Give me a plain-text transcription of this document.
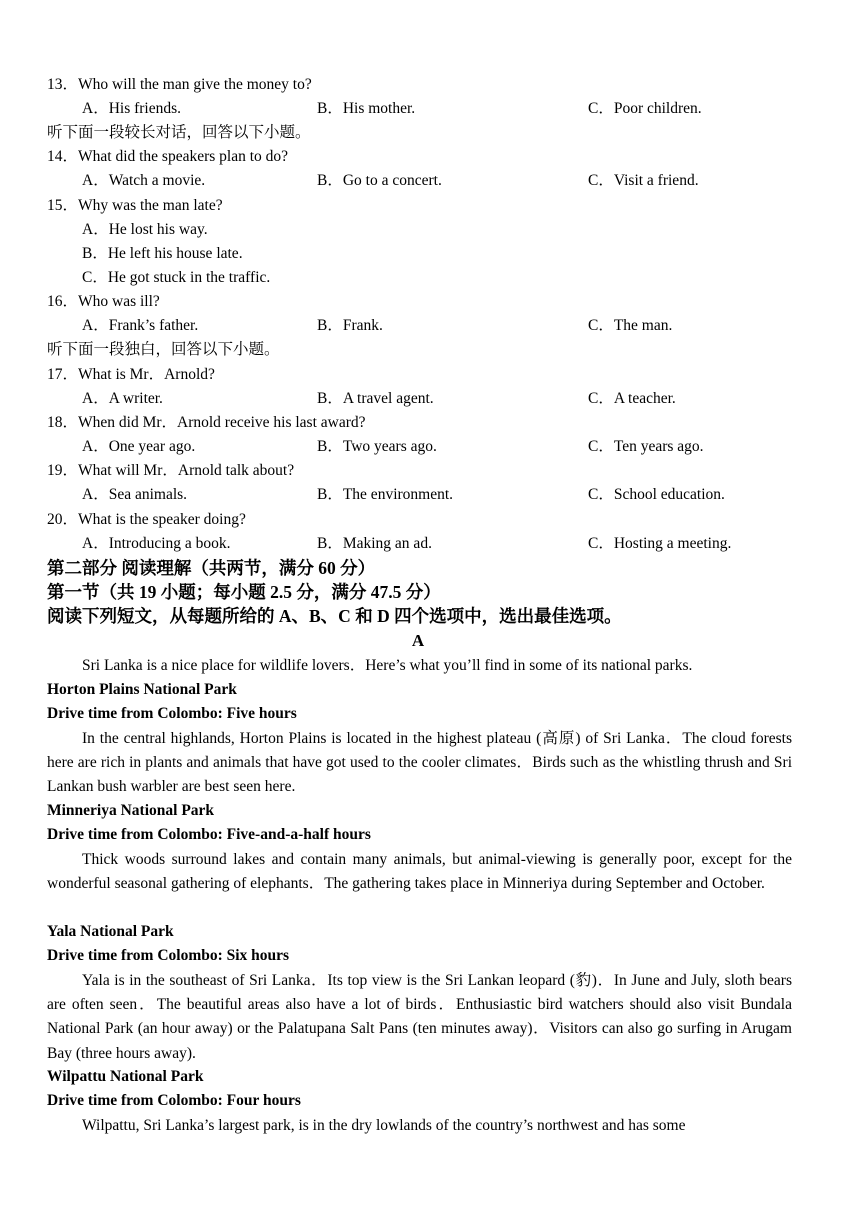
13．Who will the man give the money to?
A．His friends.	B．His mother.	C．Poor children.
听下面一段较长对话，回答以下小题。
14．What did the speakers plan to do?
A．Watch a movie.	B．Go to a concert.	C．Visit a friend.
15．Why was the man late?
A．He lost his way.
B．He left his house late.
C．He got stuck in the traffic.
16．Who was ill?
A．Frank’s father.	B．Frank.	C．The man.
听下面一段独白，回答以下小题。
17．What is Mr．Arnold?
A．A writer.	B．A travel agent.	C．A teacher.
18．When did Mr．Arnold receive his last award?
A．One year ago.	B．Two years ago.	C．Ten years ago.
19．What will Mr．Arnold talk about?
A．Sea animals.	B．The environment.	C．School education.
20．What is the speaker doing?
A．Introducing a book.	B．Making an ad.	C．Hosting a meeting.
第二部分 阅读理解（共两节，满分 60 分）
第一节（共 19 小题；每小题 2.5 分，满分 47.5 分）
阅读下列短文，从每题所给的 A、B、C 和 D 四个选项中，选出最佳选项。
A

Sri Lanka is a nice place for wildlife lovers．Here’s what you’ll find in some of its national parks.

Horton Plains National Park
Drive time from Colombo: Five hours

In the central highlands, Horton Plains is located in the highest plateau (高原) of Sri Lanka．The cloud forests here are rich in plants and animals that have got used to the cooler climates．Birds such as the whistling thrush and Sri Lankan bush warbler are best seen here.

Minneriya National Park
Drive time from Colombo: Five-and-a-half hours

Thick woods surround lakes and contain many animals, but animal-viewing is generally poor, except for the wonderful seasonal gathering of elephants．The gathering takes place in Minneriya during September and October.

Yala National Park
Drive time from Colombo: Six hours

Yala is in the southeast of Sri Lanka．Its top view is the Sri Lankan leopard (豹)．In June and July, sloth bears are often seen．The beautiful areas also have a lot of birds．Enthusiastic bird watchers should also visit Bundala National Park (an hour away) or the Palatupana Salt Pans (ten minutes away)．Visitors can also go surfing in Arugam Bay (three hours away).

Wilpattu National Park
Drive time from Colombo: Four hours

Wilpattu, Sri Lanka’s largest park, is in the dry lowlands of the country’s northwest and has some
